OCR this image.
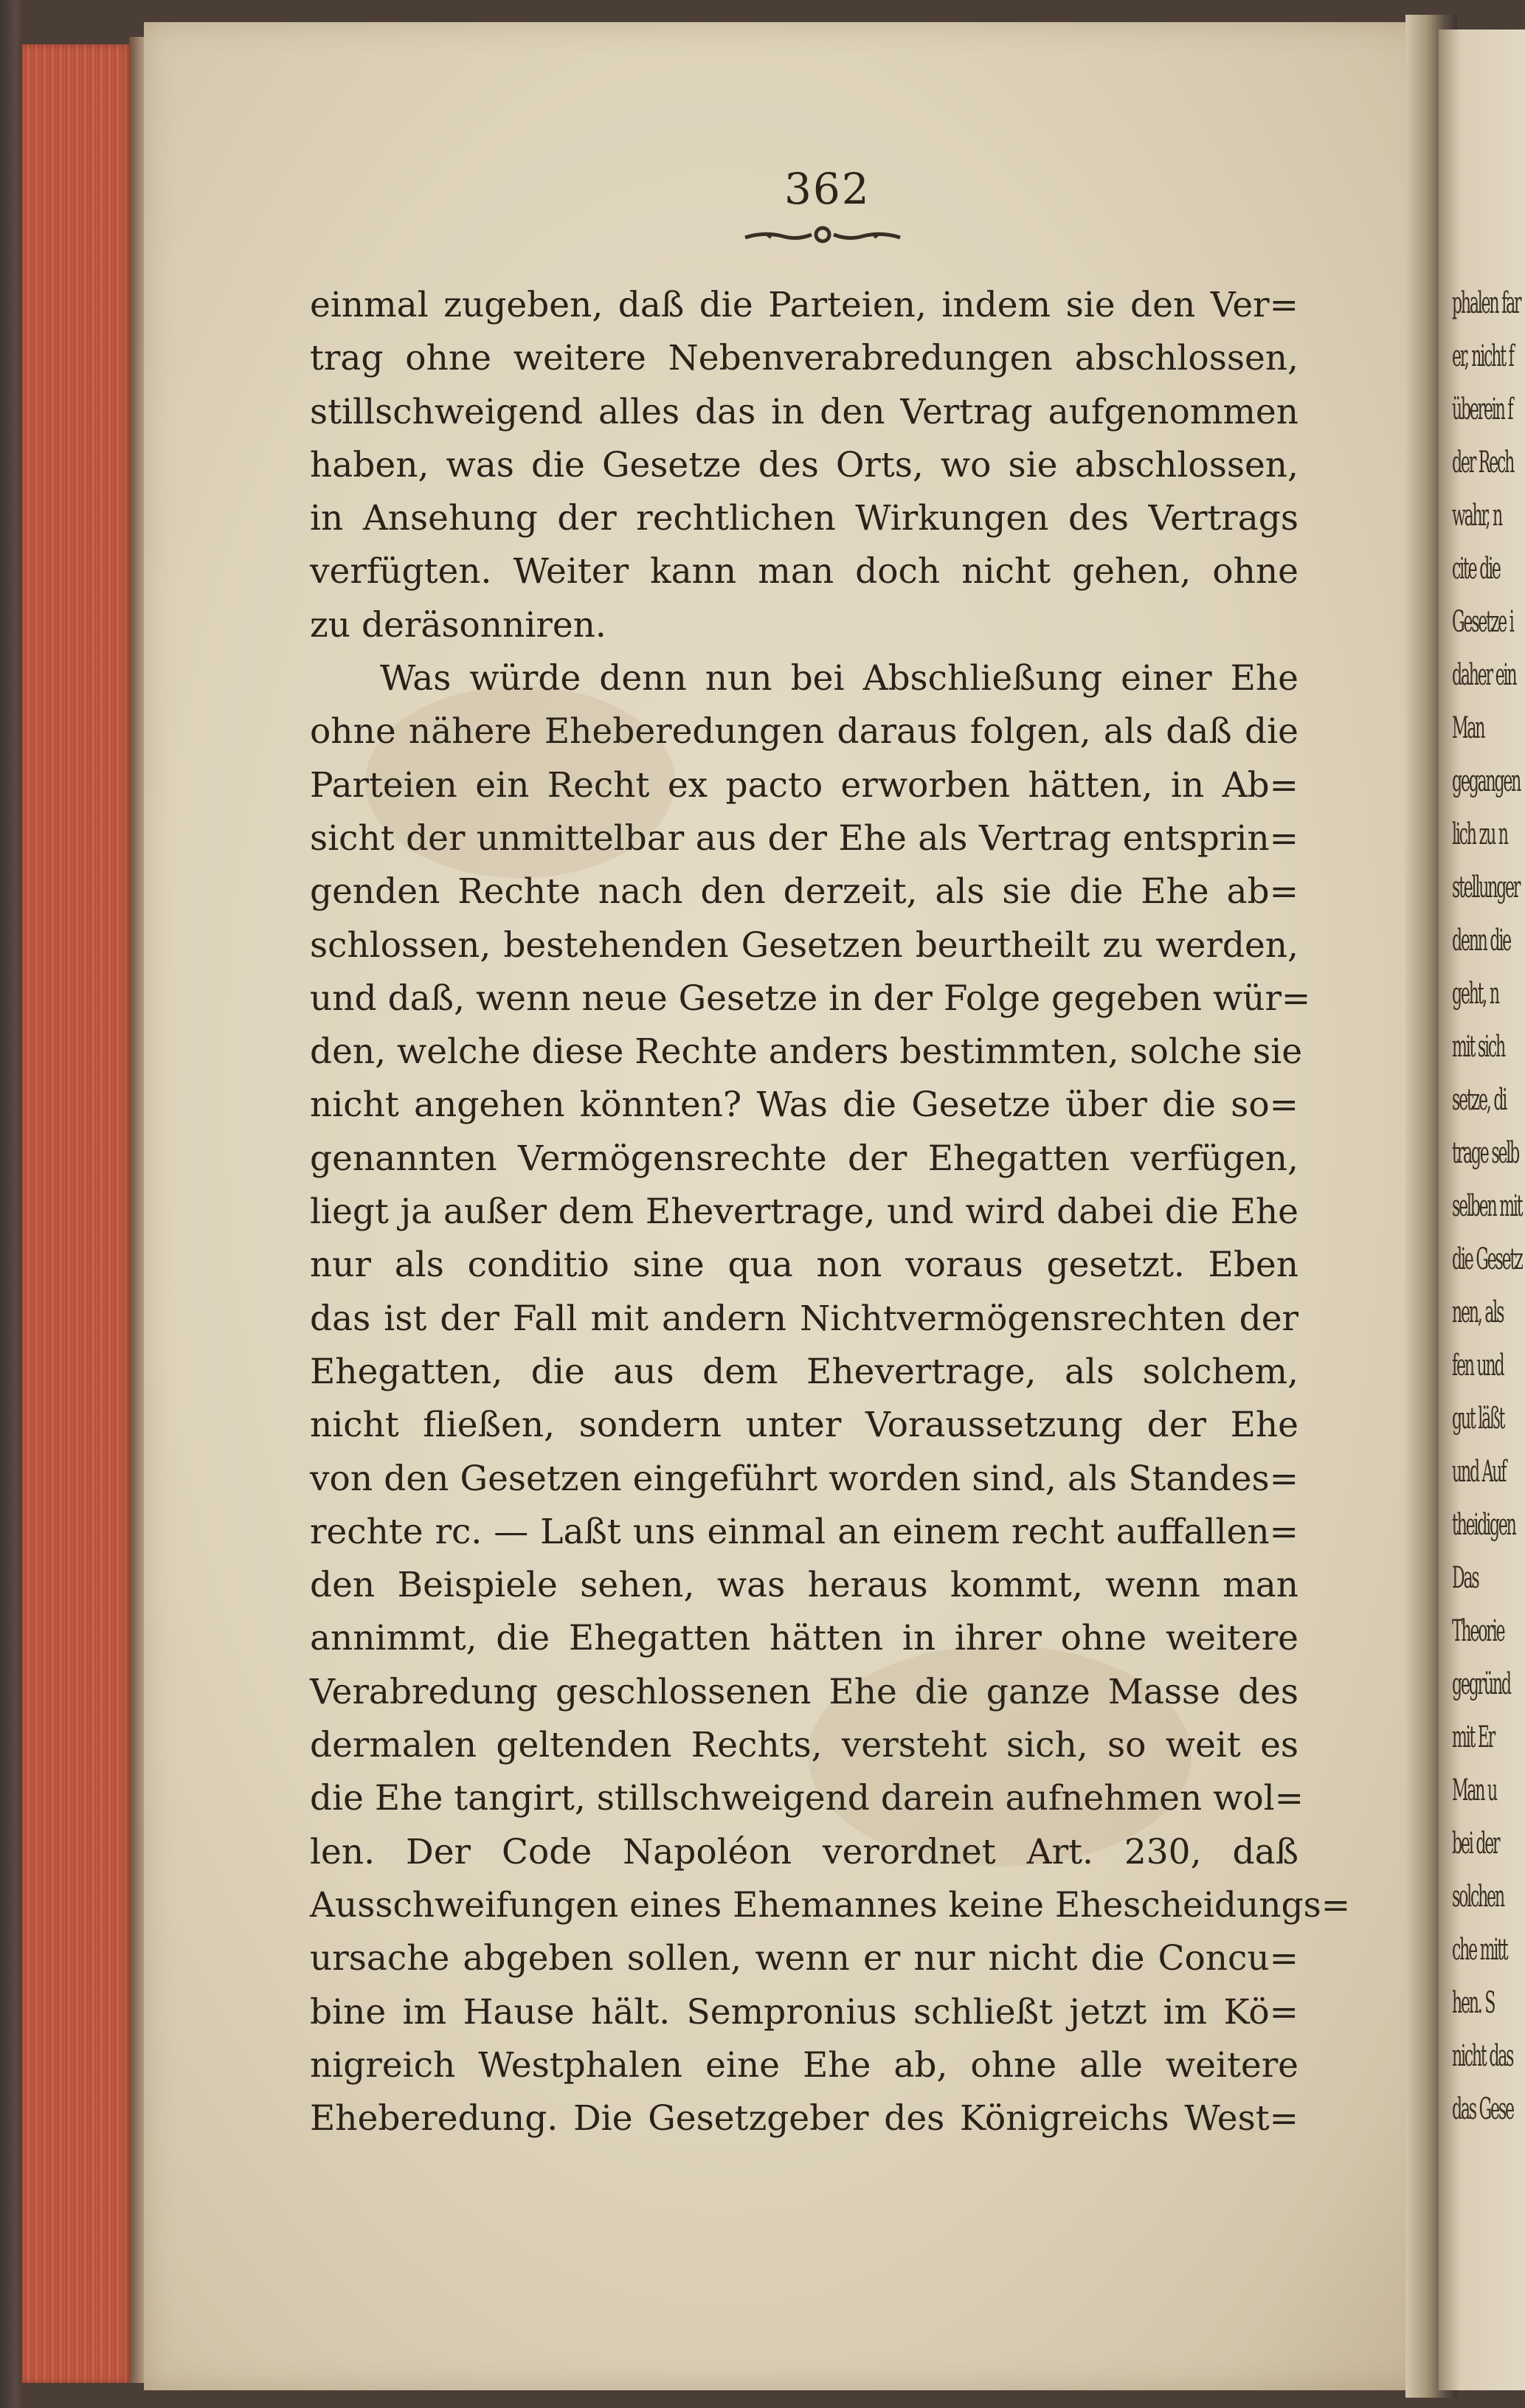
362
einmal zugeben, daß die Parteien, indem sie den Ver=
trag ohne weitere Nebenverabredungen abschlossen,
stillschweigend alles das in den Vertrag aufgenommen
haben, was die Gesetze des Orts, wo sie abschlossen,
in Ansehung der rechtlichen Wirkungen des Vertrags
verfügten. Weiter kann man doch nicht gehen, ohne
zu deräsonniren.
Was würde denn nun bei Abschließung einer Ehe
ohne nähere Eheberedungen daraus folgen, als daß die
Parteien ein Recht ex pacto erworben hätten, in Ab=
sicht der unmittelbar aus der Ehe als Vertrag entsprin=
genden Rechte nach den derzeit, als sie die Ehe ab=
schlossen, bestehenden Gesetzen beurtheilt zu werden,
und daß, wenn neue Gesetze in der Folge gegeben wür=
den, welche diese Rechte anders bestimmten, solche sie
nicht angehen könnten? Was die Gesetze über die so=
genannten Vermögensrechte der Ehegatten verfügen,
liegt ja außer dem Ehevertrage, und wird dabei die Ehe
nur als conditio sine qua non voraus gesetzt. Eben
das ist der Fall mit andern Nichtvermögensrechten der
Ehegatten, die aus dem Ehevertrage, als solchem,
nicht fließen, sondern unter Voraussetzung der Ehe
von den Gesetzen eingeführt worden sind, als Standes=
rechte rc. — Laßt uns einmal an einem recht auffallen=
den Beispiele sehen, was heraus kommt, wenn man
annimmt, die Ehegatten hätten in ihrer ohne weitere
Verabredung geschlossenen Ehe die ganze Masse des
dermalen geltenden Rechts, versteht sich, so weit es
die Ehe tangirt, stillschweigend darein aufnehmen wol=
len. Der Code Napoléon verordnet Art. 230, daß
Ausschweifungen eines Ehemannes keine Ehescheidungs=
ursache abgeben sollen, wenn er nur nicht die Concu=
bine im Hause hält. Sempronius schließt jetzt im Kö=
nigreich Westphalen eine Ehe ab, ohne alle weitere
Eheberedung. Die Gesetzgeber des Königreichs West=
phalen far
er, nicht f
überein f
der Rech
wahr, n
cite die
Gesetze i
daher ein
Man
gegangen
lich zu n
stellunger
denn die
geht, n
mit sich
setze, di
trage selb
selben mit
die Gesetz
nen, als
fen und
gut läßt
und Auf
theidigen
Das
Theorie
gegründ
mit Er
Man u
bei der
solchen
che mitt
hen. S
nicht das
das Gese
